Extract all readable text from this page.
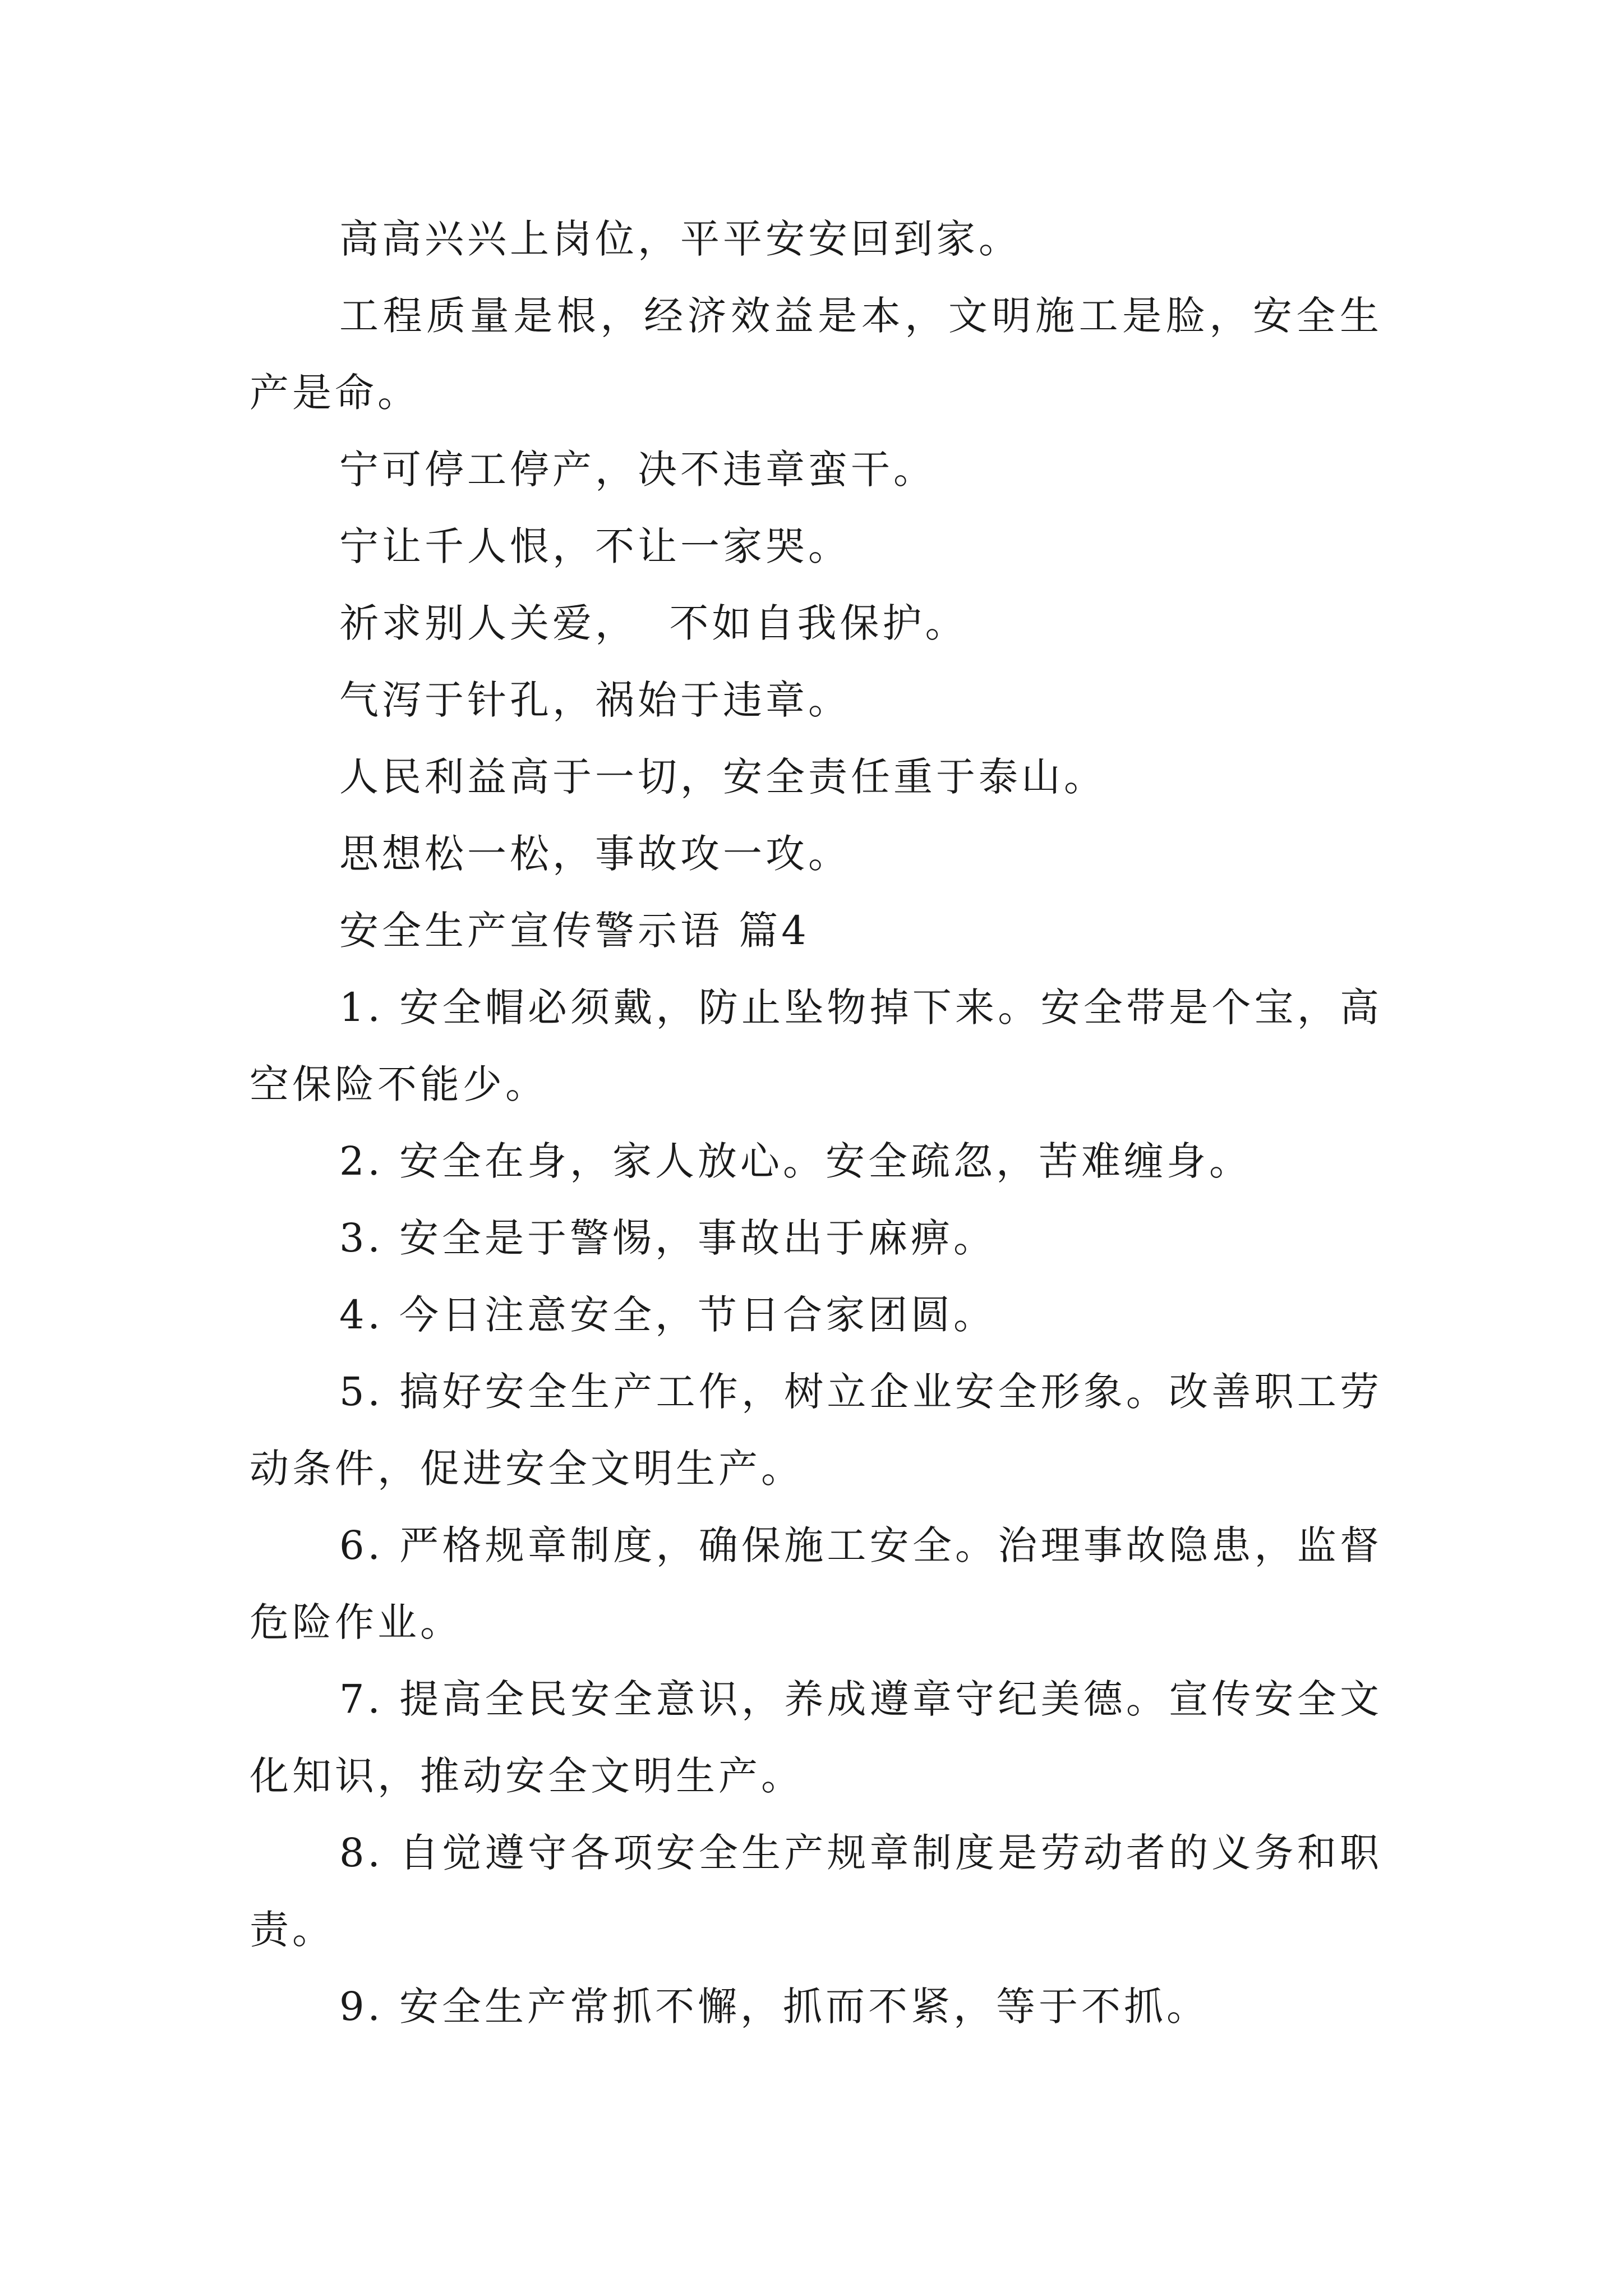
高高兴兴上岗位，平平安安回到家。

工程质量是根，经济效益是本，文明施工是脸，安全生产是命。

宁可停工停产，决不违章蛮干。

宁让千人恨，不让一家哭。

祈求别人关爱，  不如自我保护。

气泻于针孔，祸始于违章。

人民利益高于一切，安全责任重于泰山。

思想松一松，事故攻一攻。

安全生产宣传警示语 篇4

1. 安全帽必须戴，防止坠物掉下来。安全带是个宝，高空保险不能少。

2. 安全在身，家人放心。安全疏忽，苦难缠身。

3. 安全是于警惕，事故出于麻痹。

4. 今日注意安全，节日合家团圆。

5. 搞好安全生产工作，树立企业安全形象。改善职工劳动条件，促进安全文明生产。

6. 严格规章制度，确保施工安全。治理事故隐患，监督危险作业。

7. 提高全民安全意识，养成遵章守纪美德。宣传安全文化知识，推动安全文明生产。

8. 自觉遵守各项安全生产规章制度是劳动者的义务和职责。

9. 安全生产常抓不懈，抓而不紧，等于不抓。
